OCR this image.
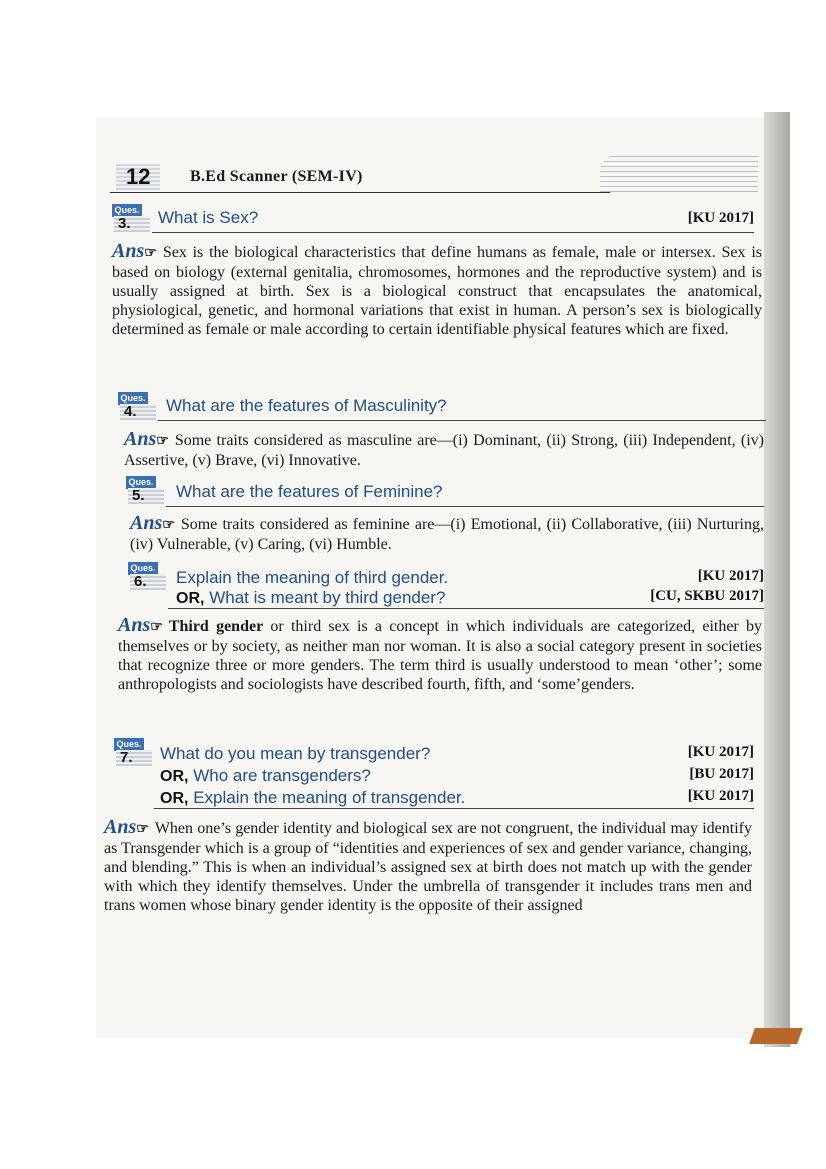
12	B.Ed Scanner (SEM-IV)
Ques.
3.	What is Sex?	[KU 2017]
Ans☞ Sex is the biological characteristics that define humans as female, male or intersex. Sex is based on biology (external genitalia, chromosomes, hormones and the reproductive system) and is usually assigned at birth. Sex is a biological construct that encapsulates the anatomical, physiological, genetic, and hormonal variations that exist in human. A person’s sex is biologically determined as female or male according to certain identifiable physical features which are fixed.
Ques.
4.	What are the features of Masculinity?
Ans☞ Some traits considered as masculine are—(i) Dominant, (ii) Strong, (iii) Independent, (iv) Assertive, (v) Brave, (vi) Innovative.
Ques.
5.	What are the features of Feminine?
Ans☞ Some traits considered as feminine are—(i) Emotional, (ii) Collaborative, (iii) Nurturing, (iv) Vulnerable, (v) Caring, (vi) Humble.
Ques.
6.	Explain the meaning of third gender.	[KU 2017]
OR, What is meant by third gender?	[CU, SKBU 2017]
Ans☞ Third gender or third sex is a concept in which individuals are categorized, either by themselves or by society, as neither man nor woman. It is also a social category present in societies that recognize three or more genders. The term third is usually understood to mean ‘other’; some anthropologists and sociologists have described fourth, fifth, and ‘some’genders.
Ques.
7.	What do you mean by transgender?	[KU 2017]
OR, Who are transgenders?	[BU 2017]
OR, Explain the meaning of transgender.	[KU 2017]
Ans☞ When one’s gender identity and biological sex are not congruent, the individual may identify as Transgender which is a group of “identities and experiences of sex and gender variance, changing, and blending.” This is when an individual’s assigned sex at birth does not match up with the gender with which they identify themselves. Under the umbrella of transgender it includes trans men and trans women whose binary gender identity is the opposite of their assigned
